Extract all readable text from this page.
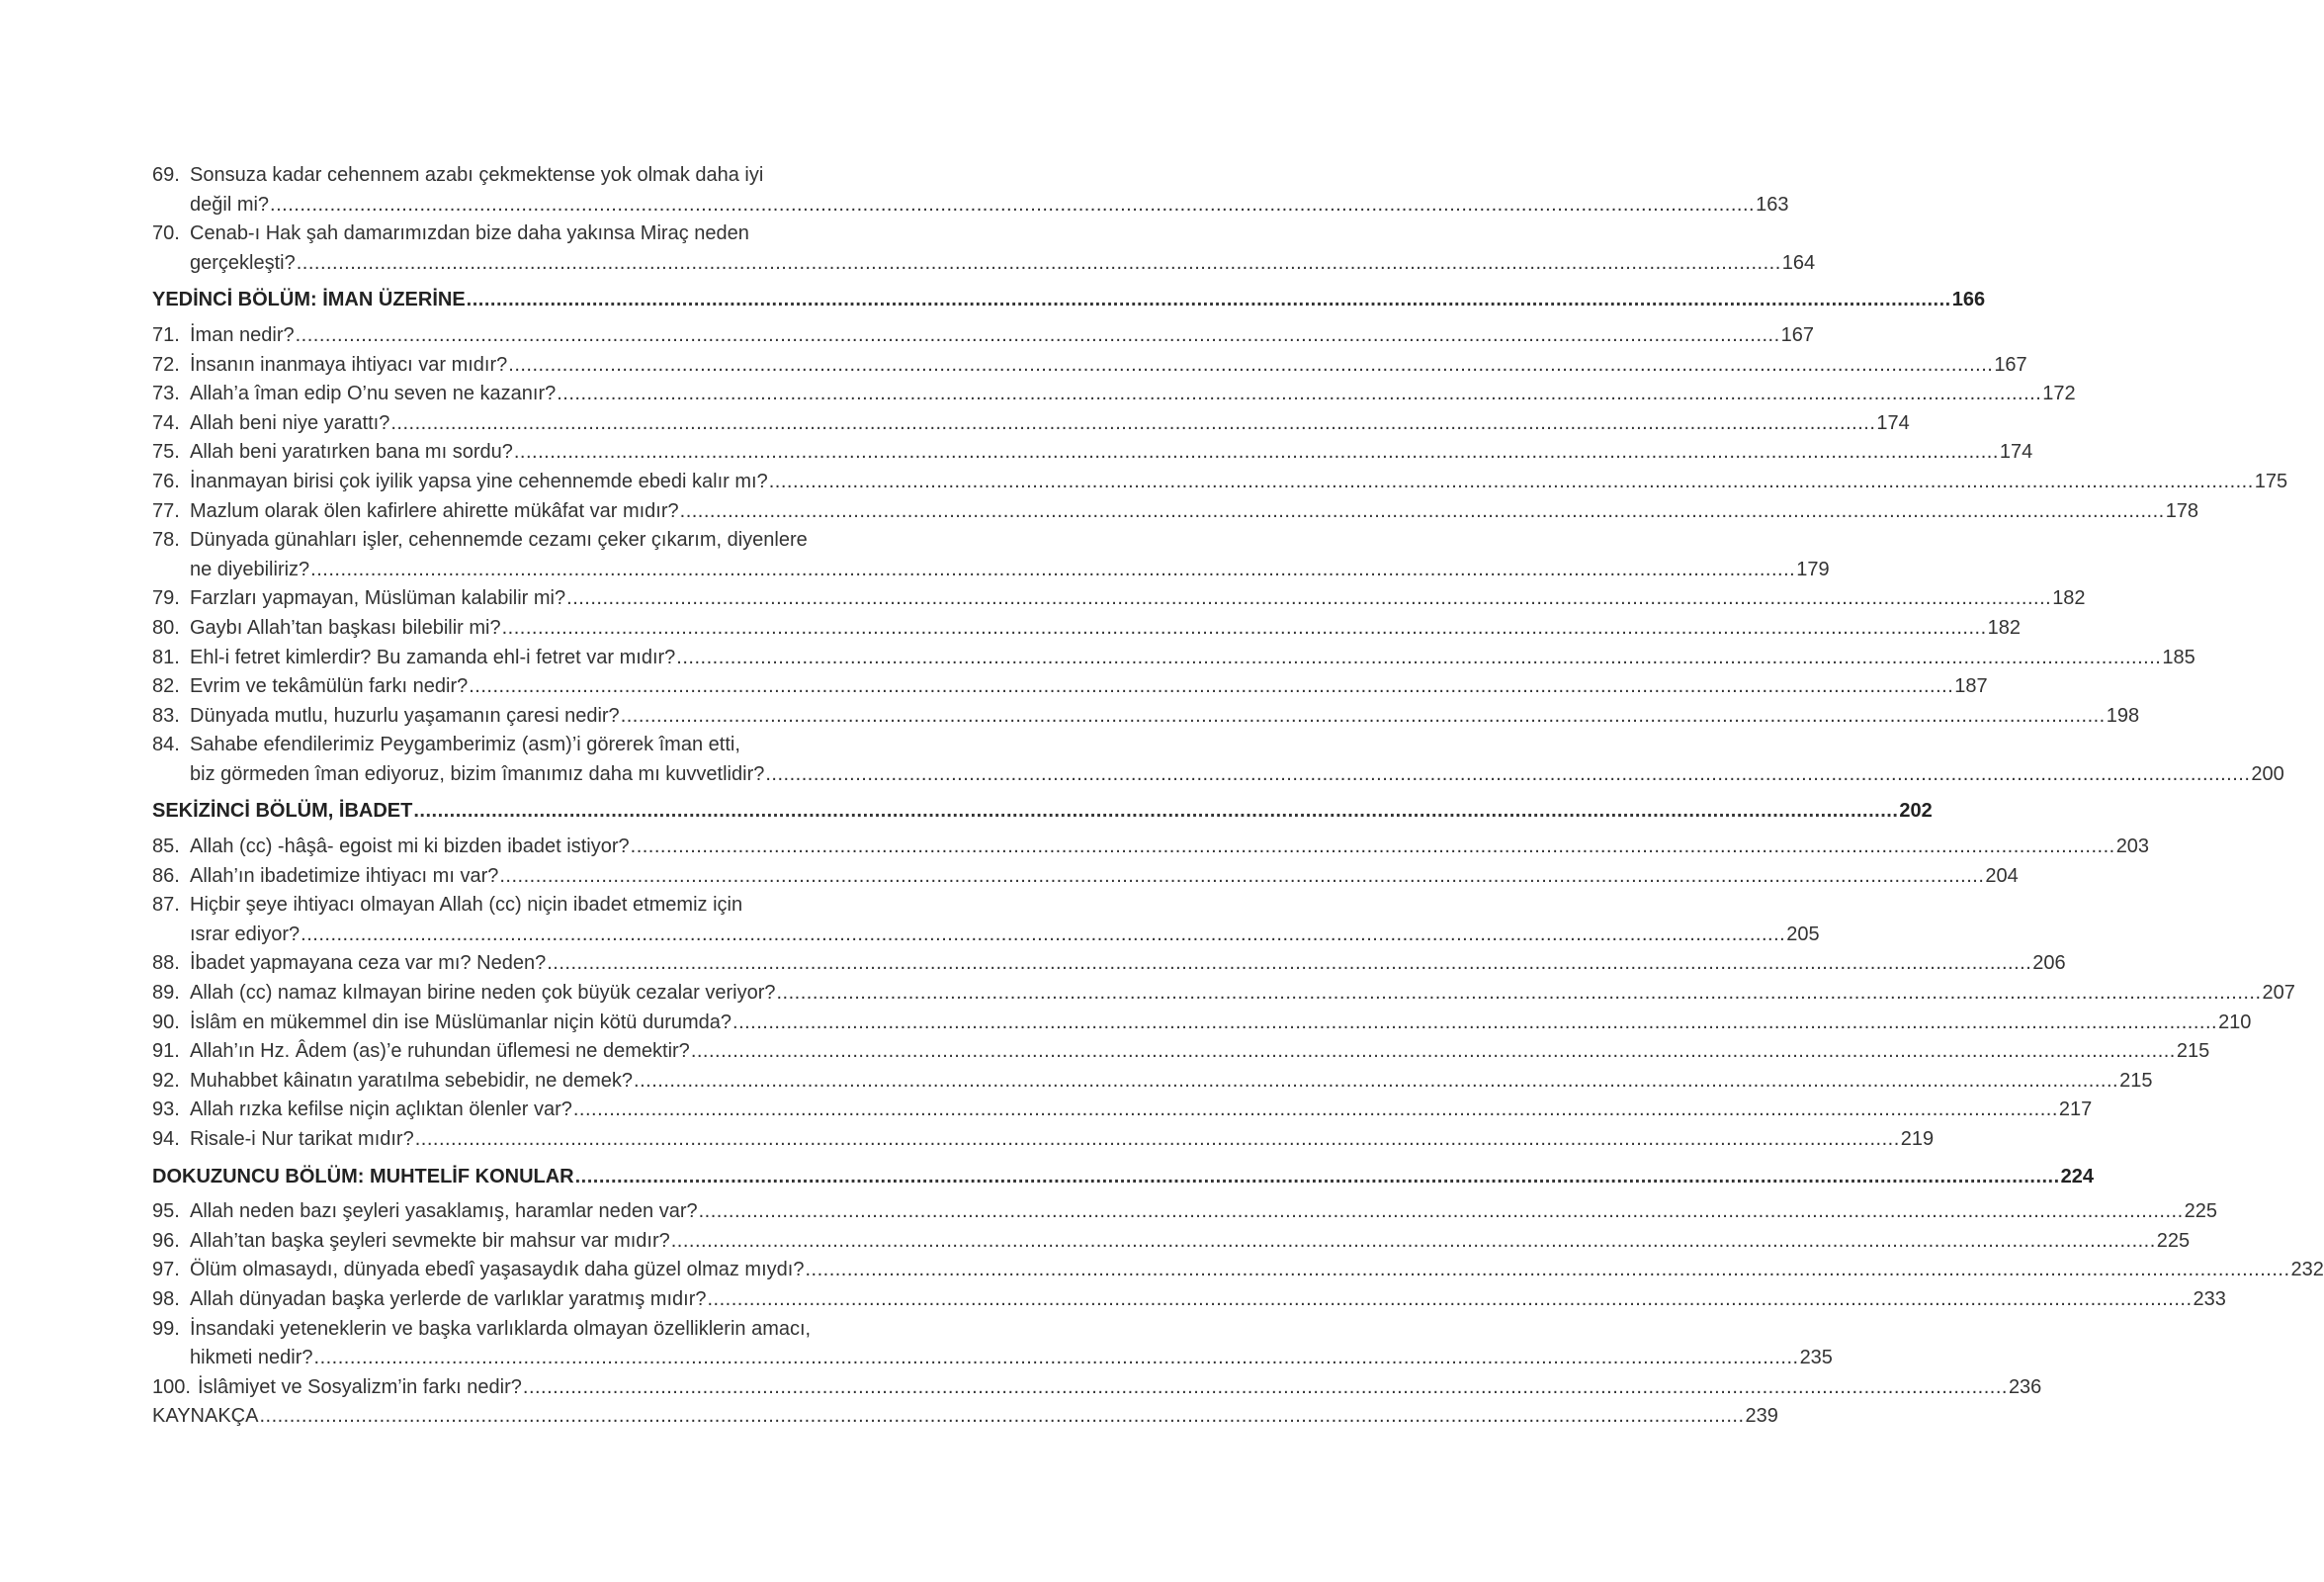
69. Sonsuza kadar cehennem azabı çekmektense yok olmak daha iyi
değil mi? .....	163
70. Cenab-ı Hak şah damarımızdan bize daha yakınsa Miraç neden
gerçekleşti? .....	164
YEDİNCİ BÖLÜM: İMAN ÜZERİNE .....	166
71. İman nedir? .....	167
72. İnsanın inanmaya ihtiyacı var mıdır? .....	167
73. Allah’a îman edip O’nu seven ne kazanır? .....	172
74. Allah beni niye yarattı? .....	174
75. Allah beni yaratırken bana mı sordu? .....	174
76. İnanmayan birisi çok iyilik yapsa yine cehennemde ebedi kalır mı? .....	175
77. Mazlum olarak ölen kafirlere ahirette mükâfat var mıdır? .....	178
78. Dünyada günahları işler, cehennemde cezamı çeker çıkarım, diyenlere
ne diyebiliriz? .....	179
79. Farzları yapmayan, Müslüman kalabilir mi? .....	182
80. Gaybı Allah’tan başkası bilebilir mi? .....	182
81. Ehl-i fetret kimlerdir? Bu zamanda ehl-i fetret var mıdır? .....	185
82. Evrim ve tekâmülün farkı nedir? .....	187
83. Dünyada mutlu, huzurlu yaşamanın çaresi nedir? .....	198
84. Sahabe efendilerimiz Peygamberimiz (asm)’i görerek îman etti,
biz görmeden îman ediyoruz, bizim îmanımız daha mı kuvvetlidir? .....	200
SEKİZİNCİ BÖLÜM, İBADET .....	202
85. Allah (cc) -hâşâ- egoist mi ki bizden ibadet istiyor? .....	203
86. Allah’ın ibadetimize ihtiyacı mı var? .....	204
87. Hiçbir şeye ihtiyacı olmayan Allah (cc) niçin ibadet etmemiz için
ısrar ediyor? .....	205
88. İbadet yapmayana ceza var mı? Neden? .....	206
89. Allah (cc) namaz kılmayan birine neden çok büyük cezalar veriyor? .....	207
90. İslâm en mükemmel din ise Müslümanlar niçin kötü durumda? .....	210
91. Allah’ın Hz. Âdem (as)’e ruhundan üflemesi ne demektir? .....	215
92. Muhabbet kâinatın yaratılma sebebidir, ne demek? .....	215
93. Allah rızka kefilse niçin açlıktan ölenler var? .....	217
94. Risale-i Nur tarikat mıdır? .....	219
DOKUZUNCU BÖLÜM: MUHTELİF KONULAR .....	224
95. Allah neden bazı şeyleri yasaklamış, haramlar neden var? .....	225
96. Allah’tan başka şeyleri sevmekte bir mahsur var mıdır? .....	225
97. Ölüm olmasaydı, dünyada ebedî yaşasaydık daha güzel olmaz mıydı? .....	232
98. Allah dünyadan başka yerlerde de varlıklar yaratmış mıdır? .....	233
99. İnsandaki yeteneklerin ve başka varlıklarda olmayan özelliklerin amacı,
hikmeti nedir? .....	235
100. İslâmiyet ve Sosyalizm’in farkı nedir? .....	236
KAYNAKÇA .....	239
